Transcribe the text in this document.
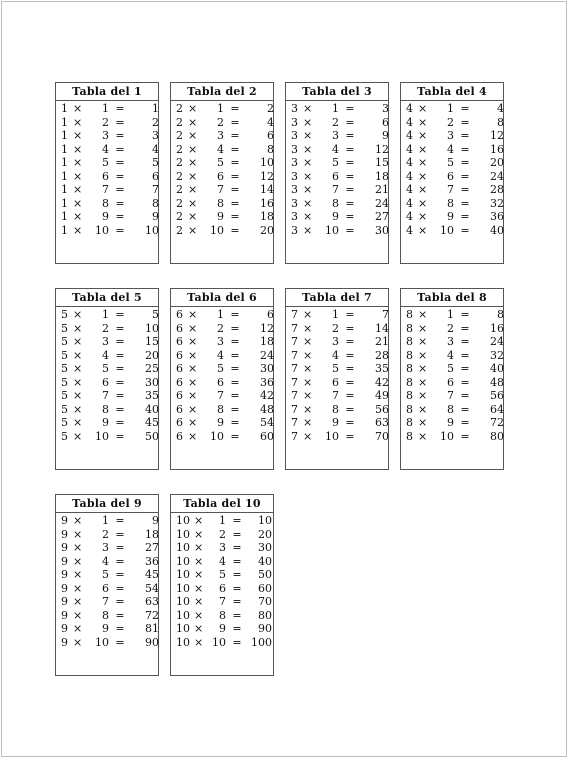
Tabla del 1
1 ×	1 =	1
1 ×	2 =	2
1 ×	3 =	3
1 ×	4 =	4
1 ×	5 =	5
1 ×	6 =	6
1 ×	7 =	7
1 ×	8 =	8
1 ×	9 =	9
1 ×	10 =	10
Tabla del 2
2 ×	1 =	2
2 ×	2 =	4
2 ×	3 =	6
2 ×	4 =	8
2 ×	5 =	10
2 ×	6 =	12
2 ×	7 =	14
2 ×	8 =	16
2 ×	9 =	18
2 ×	10 =	20
Tabla del 3
3 ×	1 =	3
3 ×	2 =	6
3 ×	3 =	9
3 ×	4 =	12
3 ×	5 =	15
3 ×	6 =	18
3 ×	7 =	21
3 ×	8 =	24
3 ×	9 =	27
3 ×	10 =	30
Tabla del 4
4 ×	1 =	4
4 ×	2 =	8
4 ×	3 =	12
4 ×	4 =	16
4 ×	5 =	20
4 ×	6 =	24
4 ×	7 =	28
4 ×	8 =	32
4 ×	9 =	36
4 ×	10 =	40
Tabla del 5
5 ×	1 =	5
5 ×	2 =	10
5 ×	3 =	15
5 ×	4 =	20
5 ×	5 =	25
5 ×	6 =	30
5 ×	7 =	35
5 ×	8 =	40
5 ×	9 =	45
5 ×	10 =	50
Tabla del 6
6 ×	1 =	6
6 ×	2 =	12
6 ×	3 =	18
6 ×	4 =	24
6 ×	5 =	30
6 ×	6 =	36
6 ×	7 =	42
6 ×	8 =	48
6 ×	9 =	54
6 ×	10 =	60
Tabla del 7
7 ×	1 =	7
7 ×	2 =	14
7 ×	3 =	21
7 ×	4 =	28
7 ×	5 =	35
7 ×	6 =	42
7 ×	7 =	49
7 ×	8 =	56
7 ×	9 =	63
7 ×	10 =	70
Tabla del 8
8 ×	1 =	8
8 ×	2 =	16
8 ×	3 =	24
8 ×	4 =	32
8 ×	5 =	40
8 ×	6 =	48
8 ×	7 =	56
8 ×	8 =	64
8 ×	9 =	72
8 ×	10 =	80
Tabla del 9
9 ×	1 =	9
9 ×	2 =	18
9 ×	3 =	27
9 ×	4 =	36
9 ×	5 =	45
9 ×	6 =	54
9 ×	7 =	63
9 ×	8 =	72
9 ×	9 =	81
9 ×	10 =	90
Tabla del 10
10 ×	1 =	10
10 ×	2 =	20
10 ×	3 =	30
10 ×	4 =	40
10 ×	5 =	50
10 ×	6 =	60
10 ×	7 =	70
10 ×	8 =	80
10 ×	9 =	90
10 × 10 = 100
